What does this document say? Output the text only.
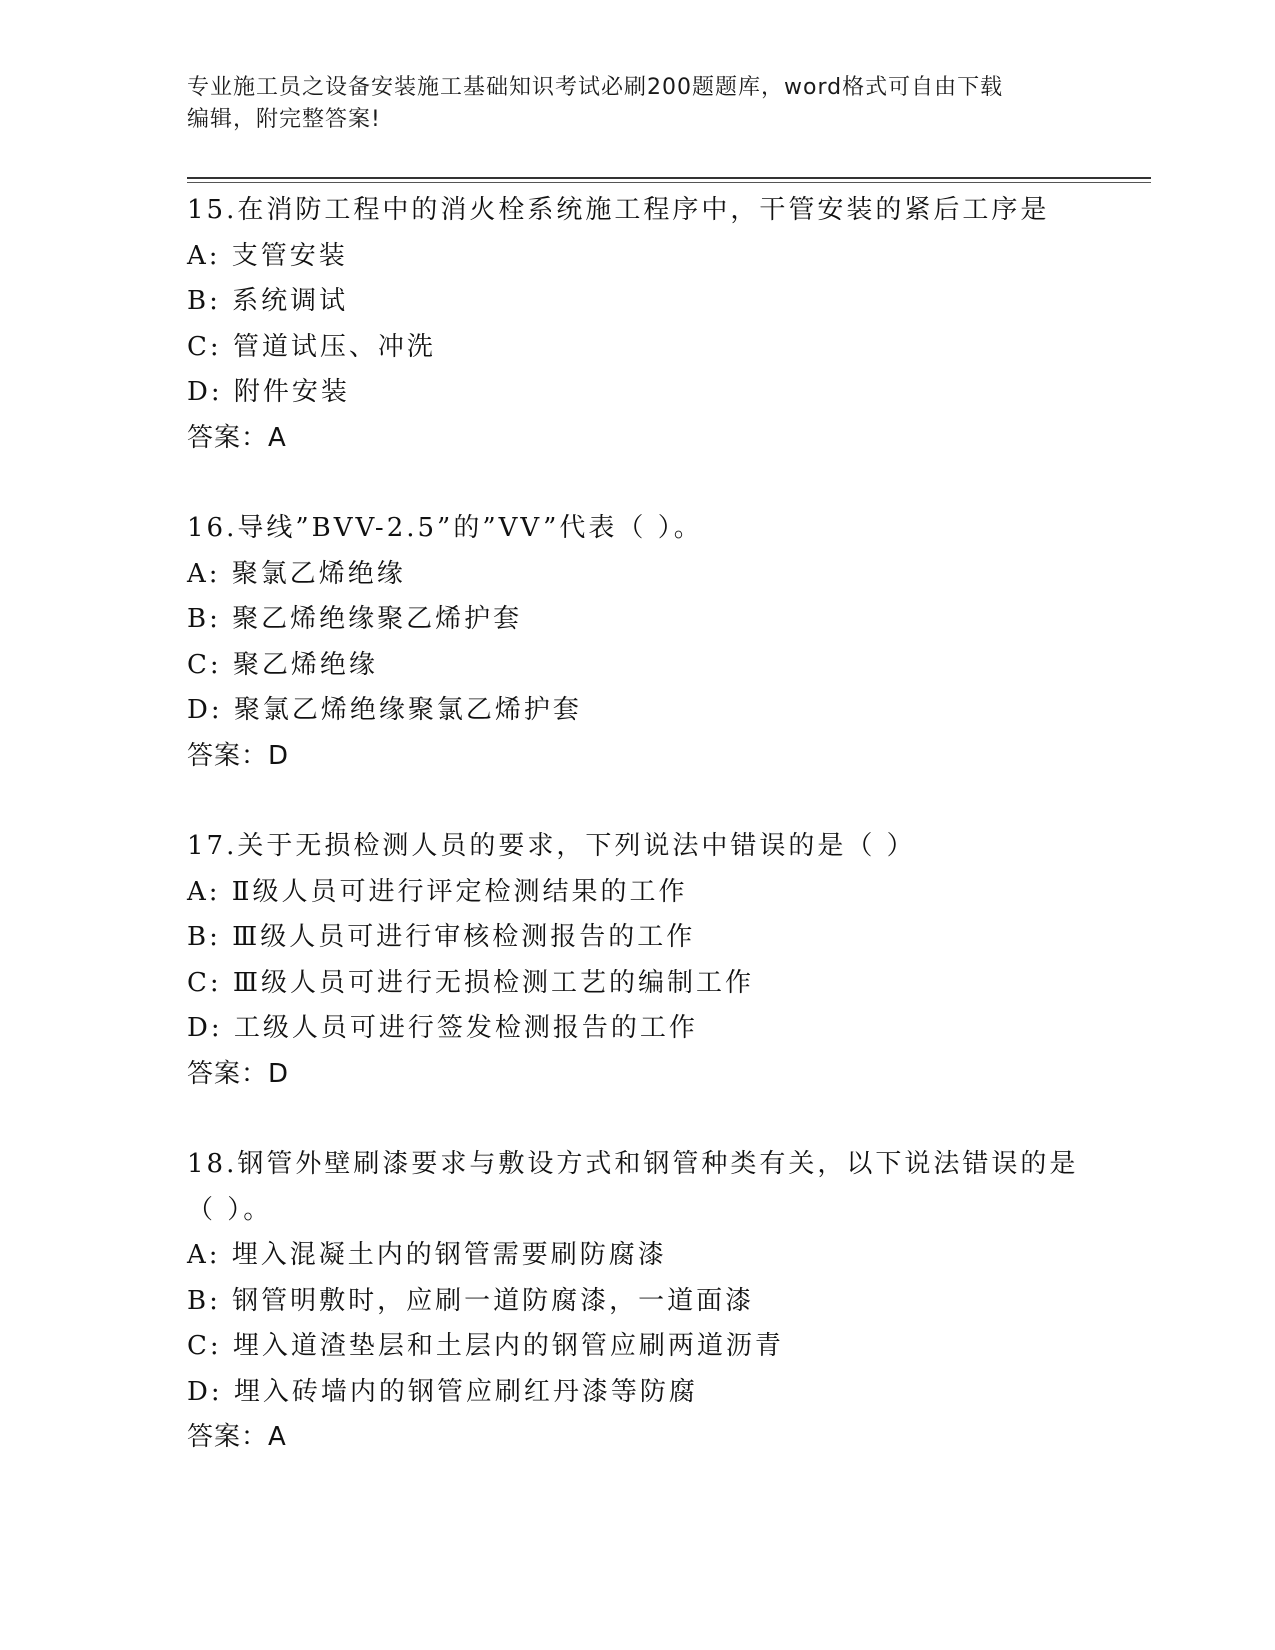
专业施工员之设备安装施工基础知识考试必刷200题题库，word格式可自由下载
编辑，附完整答案!
15.在消防工程中的消火栓系统施工程序中，干管安装的紧后工序是
A: 支管安装
B: 系统调试
C: 管道试压、冲洗
D: 附件安装
答案：A
16.导线”BVV-2.5”的”VV”代表（ ）。
A: 聚氯乙烯绝缘
B: 聚乙烯绝缘聚乙烯护套
C: 聚乙烯绝缘
D: 聚氯乙烯绝缘聚氯乙烯护套
答案：D
17.关于无损检测人员的要求，下列说法中错误的是（ ）
A: Ⅱ级人员可进行评定检测结果的工作
B: Ⅲ级人员可进行审核检测报告的工作
C: Ⅲ级人员可进行无损检测工艺的编制工作
D: 工级人员可进行签发检测报告的工作
答案：D
18.钢管外壁刷漆要求与敷设方式和钢管种类有关，以下说法错误的是
（ ）。
A: 埋入混凝土内的钢管需要刷防腐漆
B: 钢管明敷时，应刷一道防腐漆，一道面漆
C: 埋入道渣垫层和土层内的钢管应刷两道沥青
D: 埋入砖墙内的钢管应刷红丹漆等防腐
答案：A
